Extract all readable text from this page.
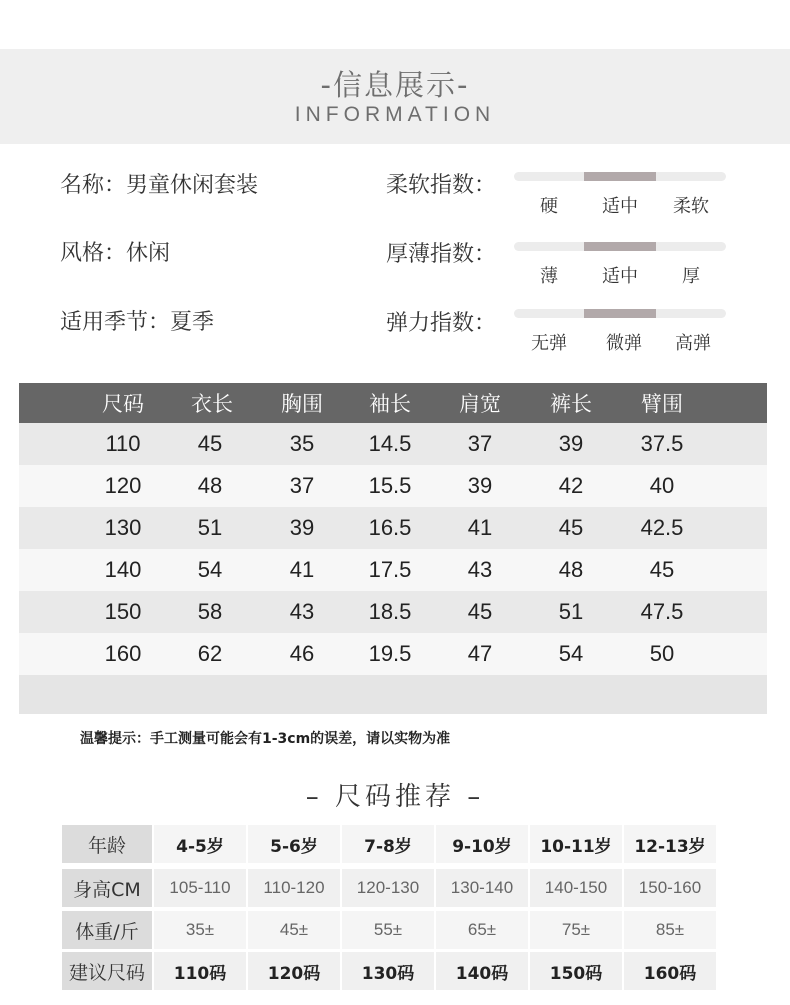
-信息展示-
INFORMATION
名称：男童休闲套装
风格：休闲
适用季节：夏季
柔软指数：
硬	适中	柔软
厚薄指数：
薄	适中	厚
弹力指数：
无弹	微弹	高弹
尺码	衣长	胸围	袖长	肩宽	裤长	臂围
110	45	35	14.5	37	39	37.5
120	48	37	15.5	39	42	40
130	51	39	16.5	41	45	42.5
140	54	41	17.5	43	48	45
150	58	43	18.5	45	51	47.5
160	62	46	19.5	47	54	50
温馨提示：手工测量可能会有1-3cm的误差，请以实物为准
– 尺码推荐 –
年龄	4-5岁	5-6岁	7-8岁	9-10岁	10-11岁	12-13岁
身高CM	105-110	110-120	120-130	130-140	140-150	150-160
体重/斤	35±	45±	55±	65±	75±	85±
建议尺码	110码	120码	130码	140码	150码	160码
